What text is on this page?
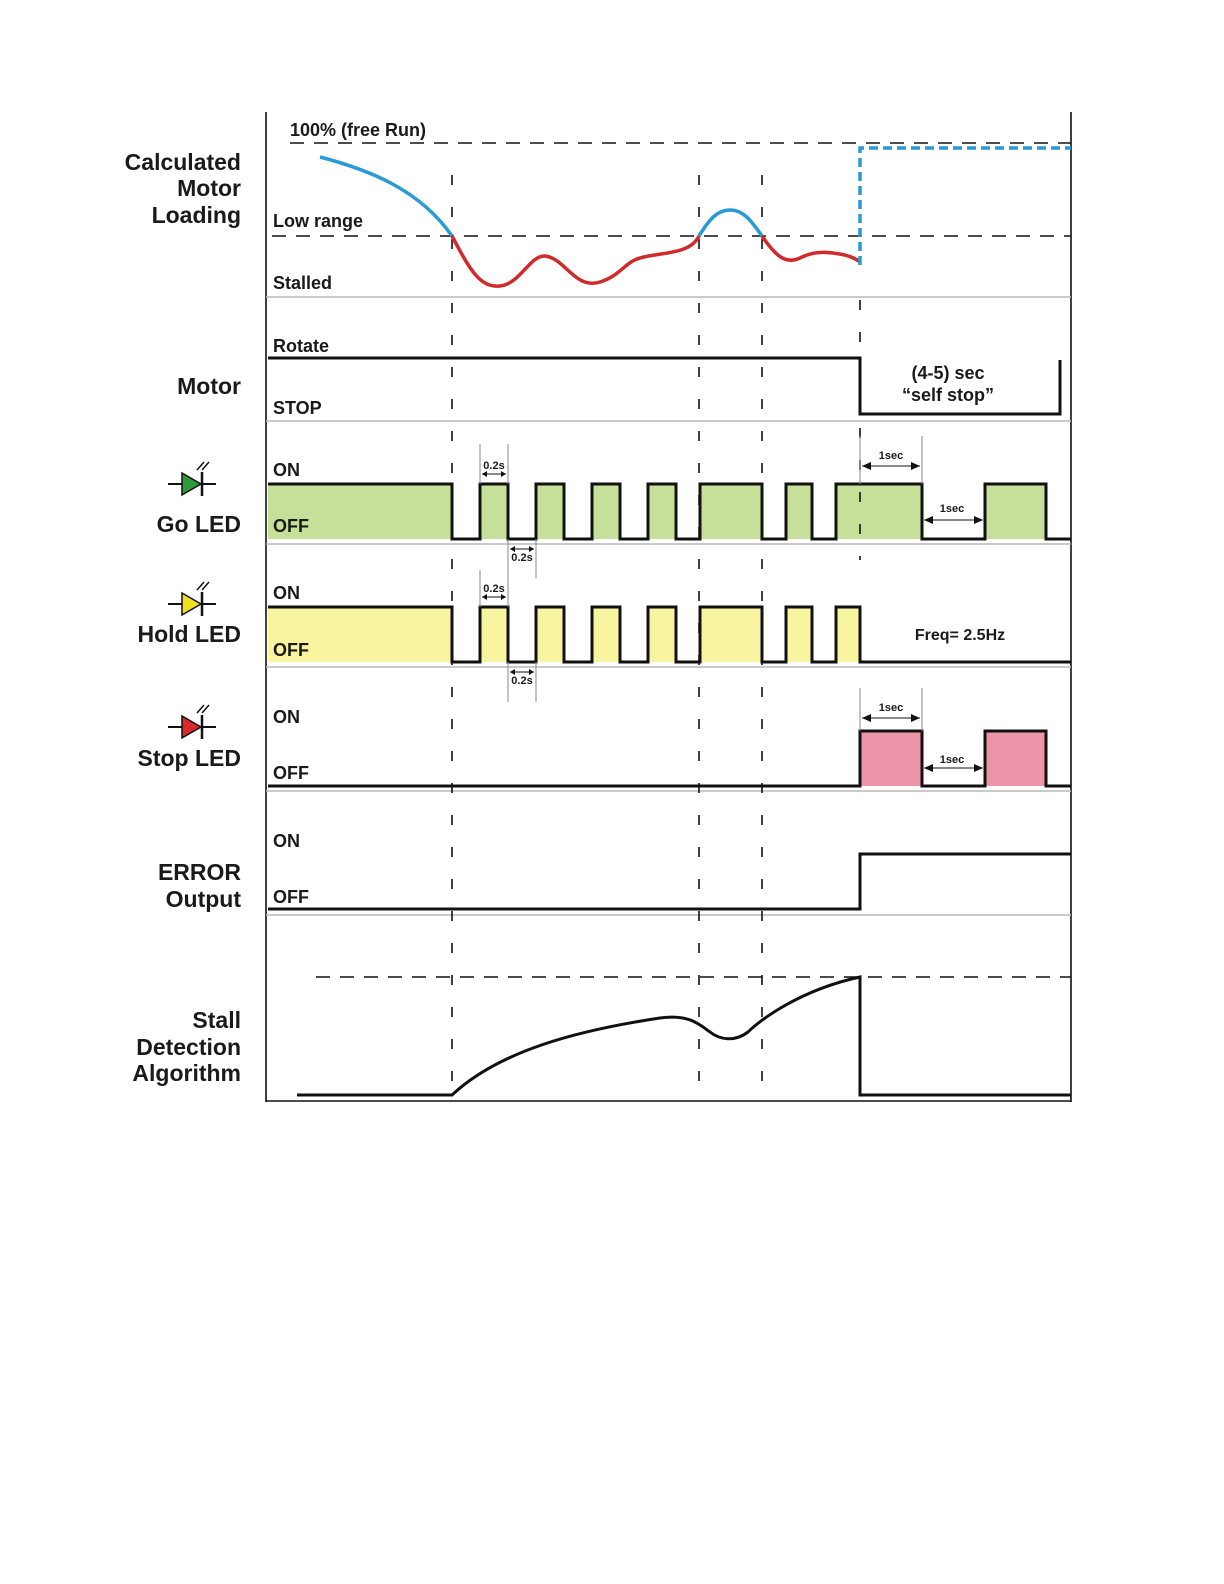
100% (free Run)
Low range
Stalled
Rotate
STOP
(4-5) sec
“self stop”
ON
OFF
0.2s
0.2s
1sec
1sec
ON
OFF
0.2s
0.2s
Freq= 2.5Hz
ON
OFF
1sec
1sec
ON
OFF
Calculated
Motor
Loading
Motor
Go LED
Hold LED
Stop LED
ERROR
Output
Stall
Detection
Algorithm
